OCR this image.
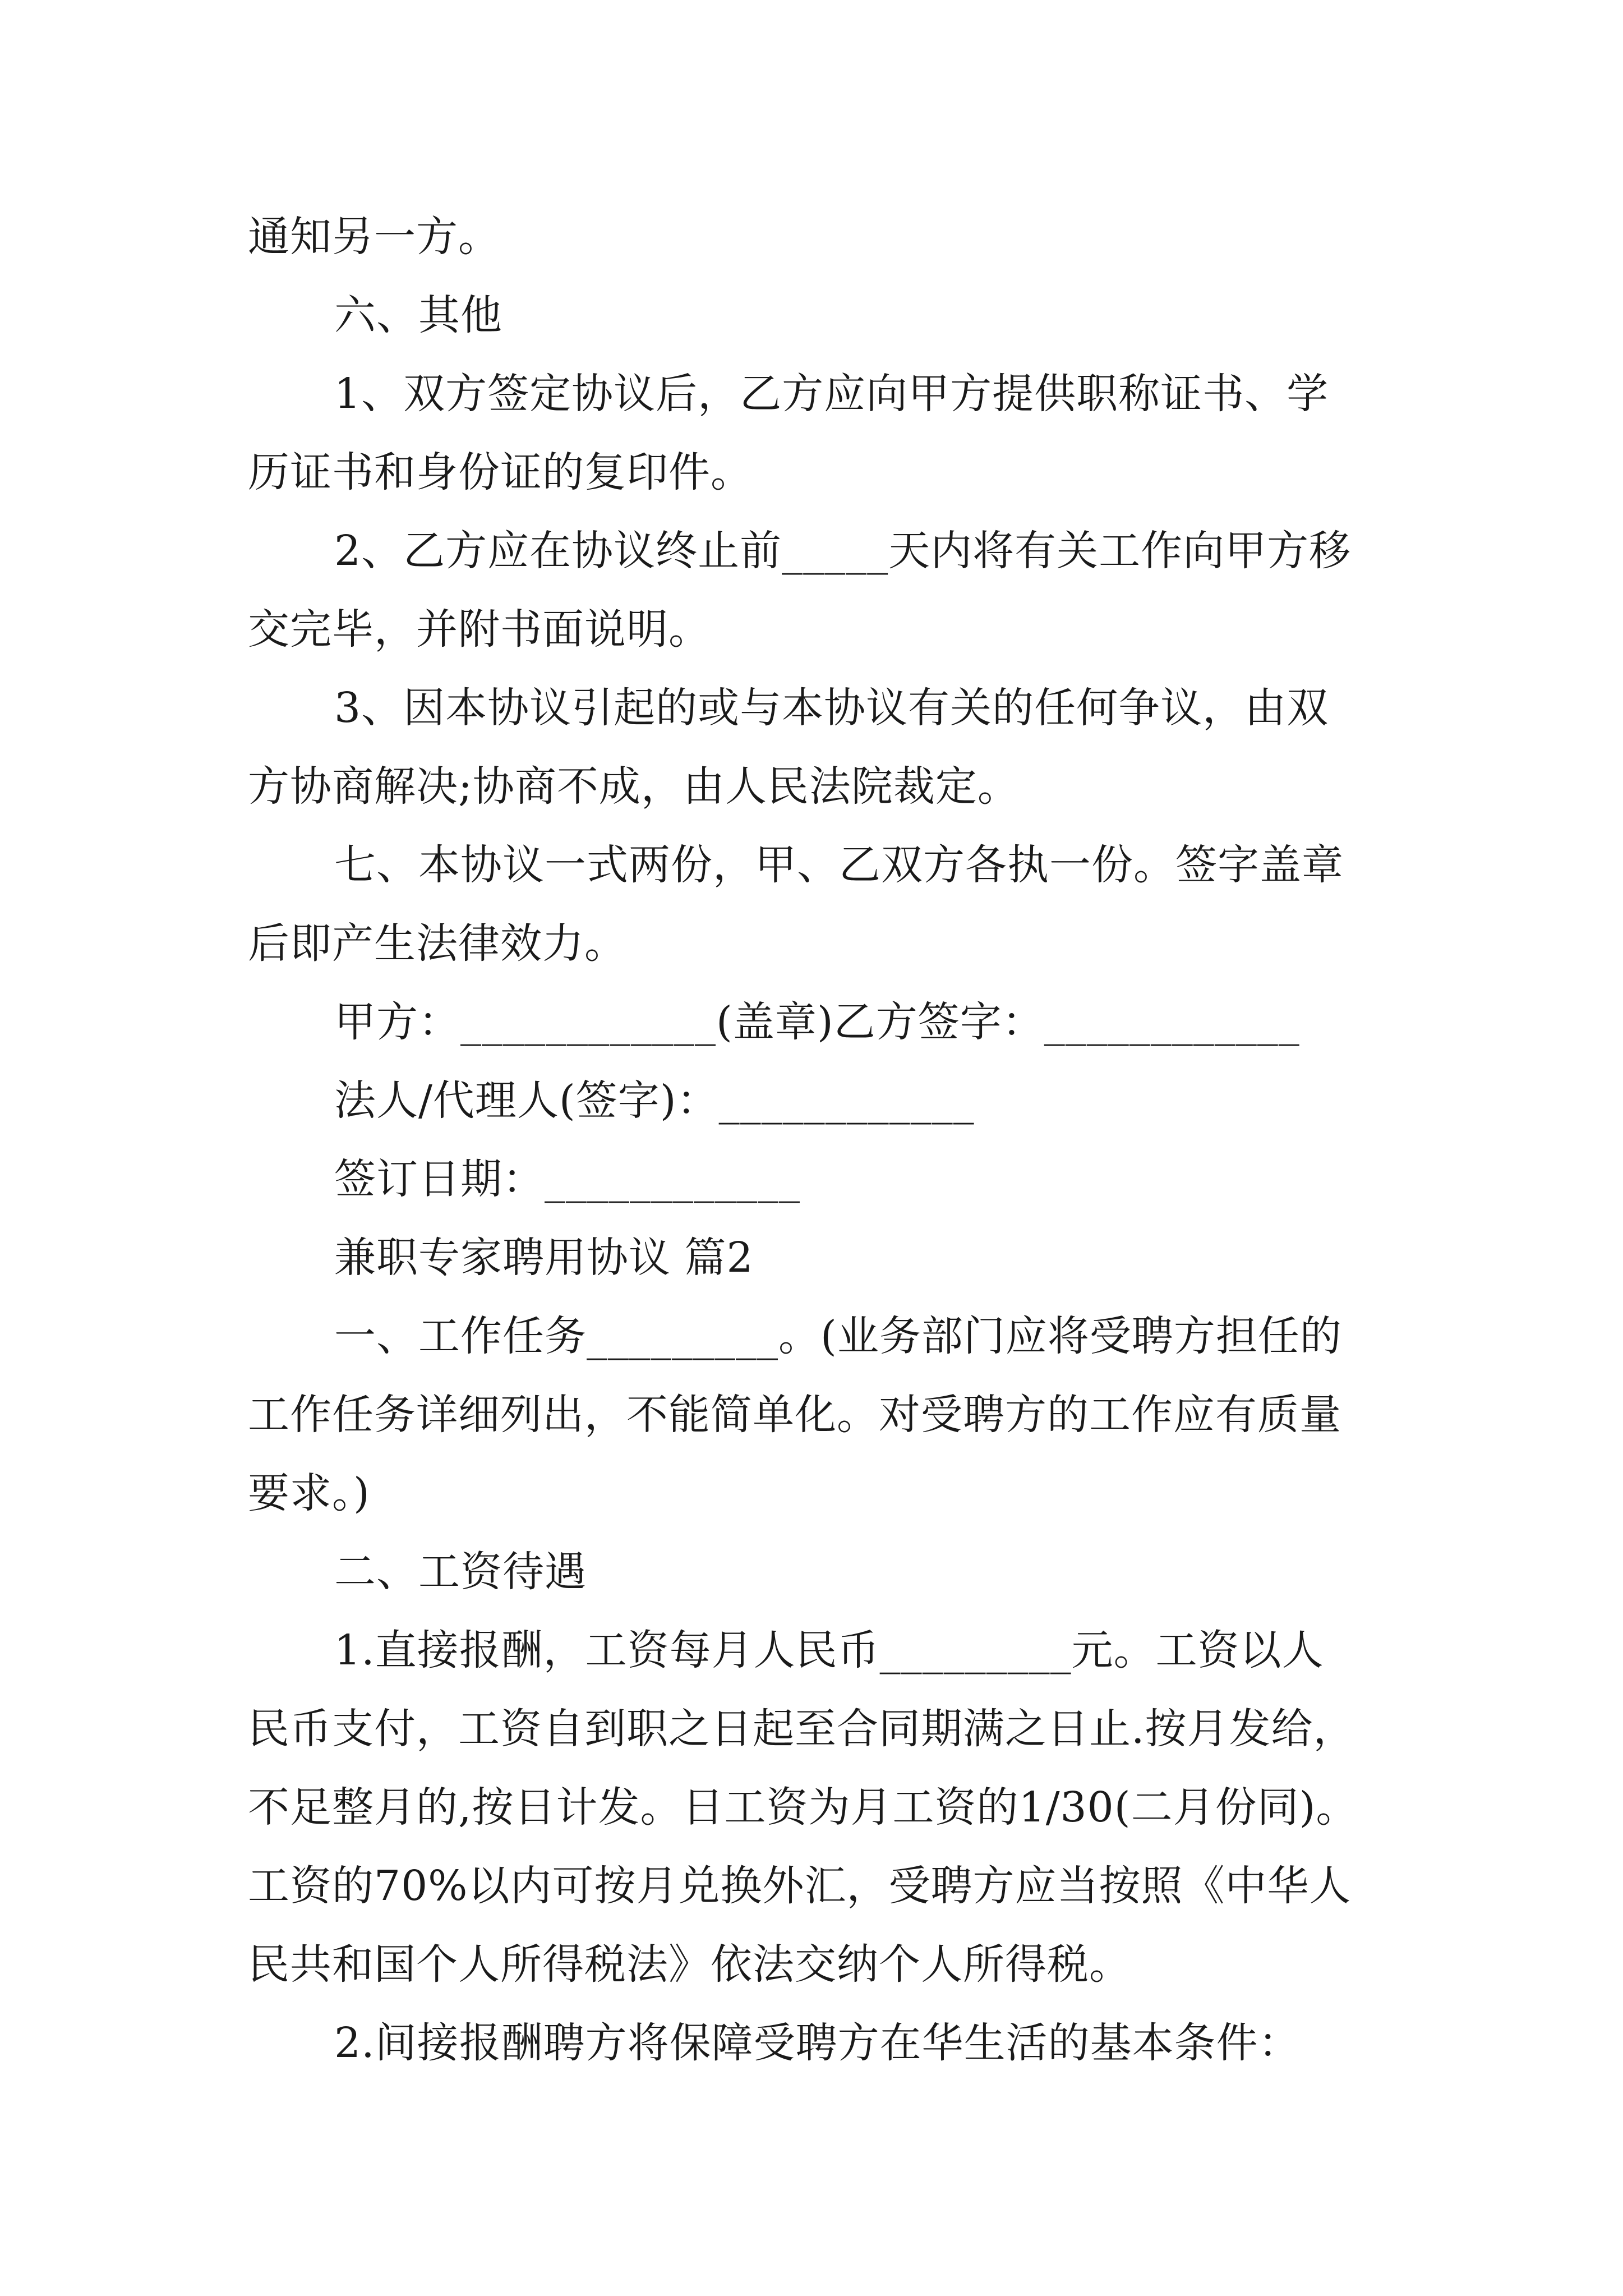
通知另一方。
六、其他
1、双方签定协议后，乙方应向甲方提供职称证书、学
历证书和身份证的复印件。
2、乙方应在协议终止前_____天内将有关工作向甲方移
交完毕，并附书面说明。
3、因本协议引起的或与本协议有关的任何争议，由双
方协商解决;协商不成，由人民法院裁定。
七、本协议一式两份，甲、乙双方各执一份。签字盖章
后即产生法律效力。
甲方：____________(盖章)乙方签字：____________
法人/代理人(签字)：____________
签订日期：____________
兼职专家聘用协议 篇2
一、工作任务_________。(业务部门应将受聘方担任的
工作任务详细列出，不能简单化。对受聘方的工作应有质量
要求。)
二、工资待遇
1.直接报酬，工资每月人民币_________元。工资以人
民币支付，工资自到职之日起至合同期满之日止.按月发给，
不足整月的,按日计发。日工资为月工资的1/30(二月份同)。
工资的70%以内可按月兑换外汇，受聘方应当按照《中华人
民共和国个人所得税法》依法交纳个人所得税。
2.间接报酬聘方将保障受聘方在华生活的基本条件：
